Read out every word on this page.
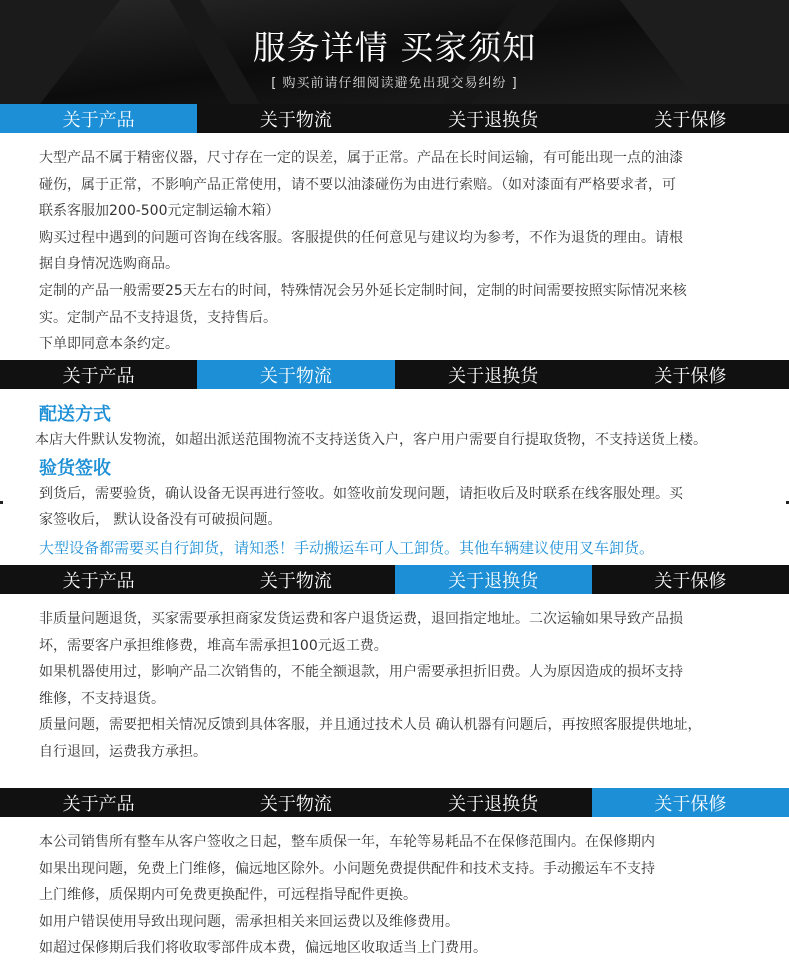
服务详情 买家须知
[ 购买前请仔细阅读避免出现交易纠纷 ]
关于产品	关于物流	关于退换货	关于保修

大型产品不属于精密仪器，尺寸存在一定的误差，属于正常。产品在长时间运输，有可能出现一点的油漆

碰伤，属于正常，不影响产品正常使用，请不要以油漆碰伤为由进行索赔。（如对漆面有严格要求者，可

联系客服加200-500元定制运输木箱）

购买过程中遇到的问题可咨询在线客服。客服提供的任何意见与建议均为参考，不作为退货的理由。请根

据自身情况选购商品。

定制的产品一般需要25天左右的时间，特殊情况会另外延长定制时间，定制的时间需要按照实际情况来核

实。定制产品不支持退货，支持售后。

下单即同意本条约定。

关于产品	关于物流	关于退换货	关于保修
配送方式

本店大件默认发物流，如超出派送范围物流不支持送货入户，客户用户需要自行提取货物，不支持送货上楼。

验货签收

到货后，需要验货，确认设备无误再进行签收。如签收前发现问题，请拒收后及时联系在线客服处理。买

家签收后， 默认设备没有可破损问题。

大型设备都需要买自行卸货，请知悉！手动搬运车可人工卸货。其他车辆建议使用叉车卸货。

关于产品	关于物流	关于退换货	关于保修

非质量问题退货，买家需要承担商家发货运费和客户退货运费，退回指定地址。二次运输如果导致产品损

坏，需要客户承担维修费，堆高车需承担100元返工费。

如果机器使用过，影响产品二次销售的，不能全额退款，用户需要承担折旧费。人为原因造成的损坏支持

维修，不支持退货。

质量问题，需要把相关情况反馈到具体客服，并且通过技术人员 确认机器有问题后，再按照客服提供地址，

自行退回，运费我方承担。

关于产品	关于物流	关于退换货	关于保修

本公司销售所有整车从客户签收之日起，整车质保一年，车轮等易耗品不在保修范围内。在保修期内

如果出现问题，免费上门维修，偏远地区除外。小问题免费提供配件和技术支持。手动搬运车不支持

上门维修，质保期内可免费更换配件，可远程指导配件更换。

如用户错误使用导致出现问题，需承担相关来回运费以及维修费用。

如超过保修期后我们将收取零部件成本费，偏远地区收取适当上门费用。
